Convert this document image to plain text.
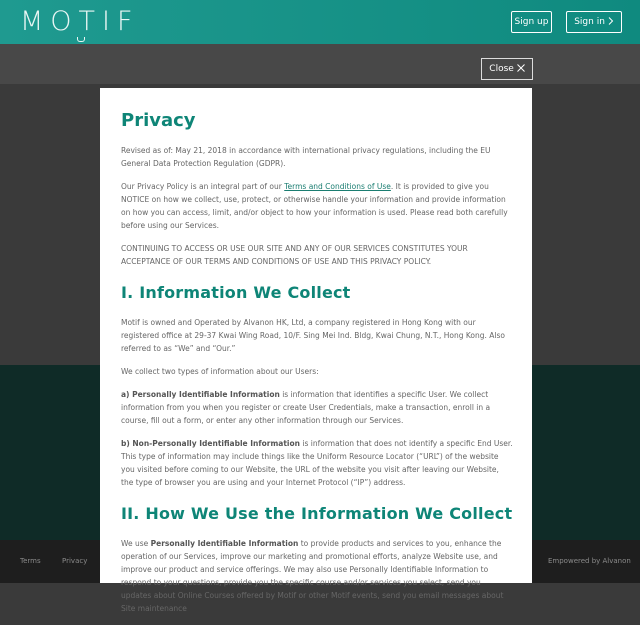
MOTIF	Sign up	Sign in
Terms	Privacy	Empowered by Alvanon
Close
Privacy

Revised as of: May 21, 2018 in accordance with international privacy regulations, including the EU General Data Protection Regulation (GDPR).

Our Privacy Policy is an integral part of our Terms and Conditions of Use. It is provided to give you NOTICE on how we collect, use, protect, or otherwise handle your information and provide information on how you can access, limit, and/or object to how your information is used. Please read both carefully before using our Services.

CONTINUING TO ACCESS OR USE OUR SITE AND ANY OF OUR SERVICES CONSTITUTES YOUR ACCEPTANCE OF OUR TERMS AND CONDITIONS OF USE AND THIS PRIVACY POLICY.

I. Information We Collect

Motif is owned and Operated by Alvanon HK, Ltd, a company registered in Hong Kong with our registered office at 29-37 Kwai Wing Road, 10/F. Sing Mei Ind. Bldg, Kwai Chung, N.T., Hong Kong. Also referred to as “We” and “Our.”

We collect two types of information about our Users:

a) Personally Identifiable Information is information that identifies a specific User. We collect information from you when you register or create User Credentials, make a transaction, enroll in a course, fill out a form, or enter any other information through our Services.

b) Non-Personally Identifiable Information is information that does not identify a specific End User. This type of information may include things like the Uniform Resource Locator (“URL”) of the website you visited before coming to our Website, the URL of the website you visit after leaving our Website, the type of browser you are using and your Internet Protocol (“IP”) address.

II. How We Use the Information We Collect

We use Personally Identifiable Information to provide products and services to you, enhance the operation of our Services, improve our marketing and promotional efforts, analyze Website use, and improve our product and service offerings. We may also use Personally Identifiable Information to respond to your questions, provide you the specific course and/or services you select, send you updates about Online Courses offered by Motif or other Motif events, send you email messages about Site maintenance
